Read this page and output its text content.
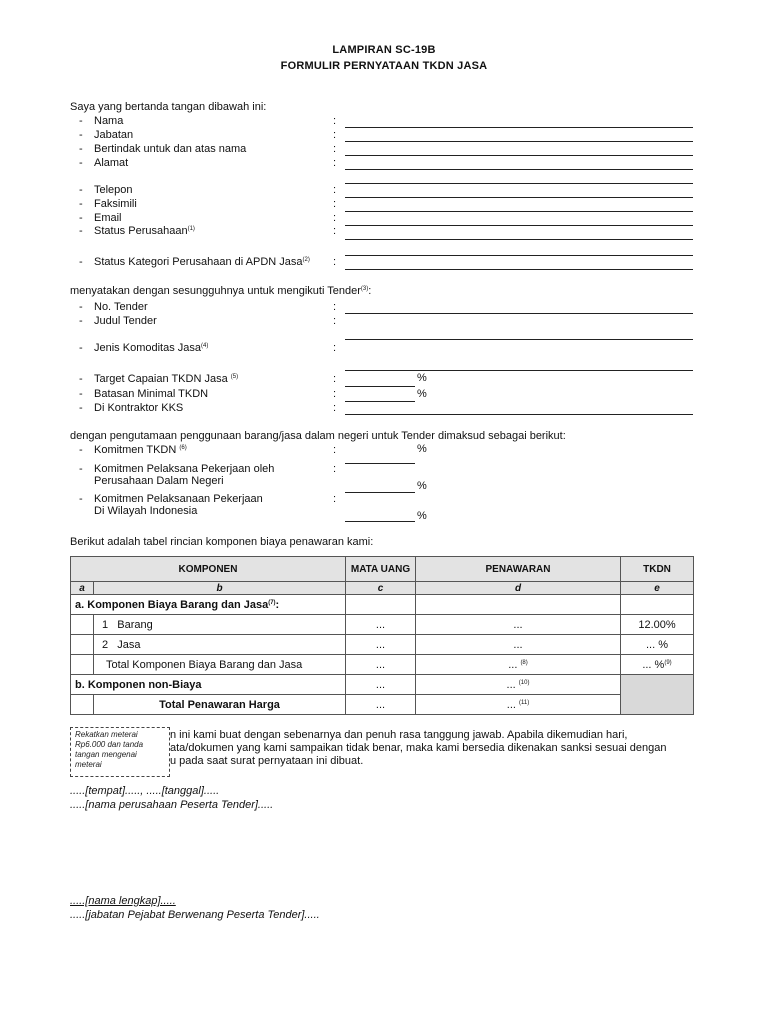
LAMPIRAN SC-19B
FORMULIR PERNYATAAN TKDN JASA
Saya yang bertanda tangan dibawah ini:
- Nama	:
- Jabatan	:
- Bertindak untuk dan atas nama	:
- Alamat	:
- Telepon	:
- Faksimili	:
- Email	:
- Status Perusahaan$^{(1)}$	:
- Status Kategori Perusahaan di APDN Jasa$^{(2)}$ :
menyatakan dengan sesungguhnya untuk mengikuti Tender$^{(3)}$:
- No. Tender	:
- Judul Tender	:
- Jenis Komoditas Jasa$^{(4)}$	:
- Target Capaian TKDN Jasa $^{(5)}$	:	%
- Batasan Minimal TKDN	:	%
- Di Kontraktor KKS	:
dengan pengutamaan penggunaan barang/jasa dalam negeri untuk Tender dimaksud sebagai berikut:
- Komitmen TKDN $^{(6)}$	:	%
- Komitmen Pelaksana Pekerjaan oleh
Perusahaan Dalam Negeri
:
%
- Komitmen Pelaksanaan Pekerjaan
Di Wilayah Indonesia
:
%
Berikut adalah tabel rincian komponen biaya penawaran kami:
KOMPONEN		MATA UANG	PENAWARAN	TKDN
a	b	c	d	e
a. Komponen Biaya Barang dan Jasa$^{(7)}$:				
	1 Barang	...	...	12.00%
	2 Jasa	...	...	... %
	Total Komponen Biaya Barang dan Jasa	...	... $^{(8)}$	... %$^{(9)}$
b. Komponen non-Biaya		...	... $^{(10)}$	
	Total Penawaran Harga	...	... $^{(11)}$
n ini kami buat dengan sebenarnya dan penuh rasa tanggung jawab. Apabila dikemudian hari,
ata/dokumen yang kami sampaikan tidak benar, maka kami bersedia dikenakan sanksi sesuai dengan
u pada saat surat pernyataan ini dibuat.
.....[tempat]....., .....[tanggal].....
.....[nama perusahaan Peserta Tender].....
Rekatkan meterai Rp6.000 dan tanda tangan mengenai meterai
.....[nama lengkap].....
.....[jabatan Pejabat Berwenang Peserta Tender].....
